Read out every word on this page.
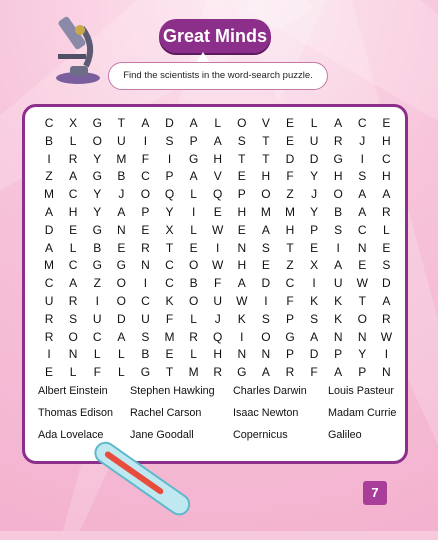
Great Minds
Find the scientists in the word-search puzzle.
C	X	G	T	A	D	A	L	O	V	E	L	A	C	E
B	L	O	U	I	S	P	A	S	T	E	U	R	J	H
I	R	Y	M	F	I	G	H	T	T	D	D	G	I	C
Z	A	G	B	C	P	A	V	E	H	F	Y	H	S	H
M	C	Y	J	O	Q	L	Q	P	O	Z	J	O	A	A
A	H	Y	A	P	Y	I	E	H	M	M	Y	B	A	R
D	E	G	N	E	X	L	W	E	A	H	P	S	C	L
A	L	B	E	R	T	E	I	N	S	T	E	I	N	E
M	C	G	G	N	C	O	W	H	E	Z	X	A	E	S
C	A	Z	O	I	C	B	F	A	D	C	I	U	W	D
U	R	I	O	C	K	O	U	W	I	F	K	K	T	A
R	S	U	D	U	F	L	J	K	S	P	S	K	O	R
R	O	C	A	S	M	R	Q	I	O	G	A	N	N	W
I	N	L	L	B	E	L	H	N	N	P	D	P	Y	I
E	L	F	L	G	T	M	R	G	A	R	F	A	P	N
Albert Einstein	Stephen Hawking	Charles Darwin	Louis Pasteur
Thomas Edison	Rachel Carson	Isaac Newton	Madam Currie
Ada Lovelace	Jane Goodall	Copernicus	Galileo
7
